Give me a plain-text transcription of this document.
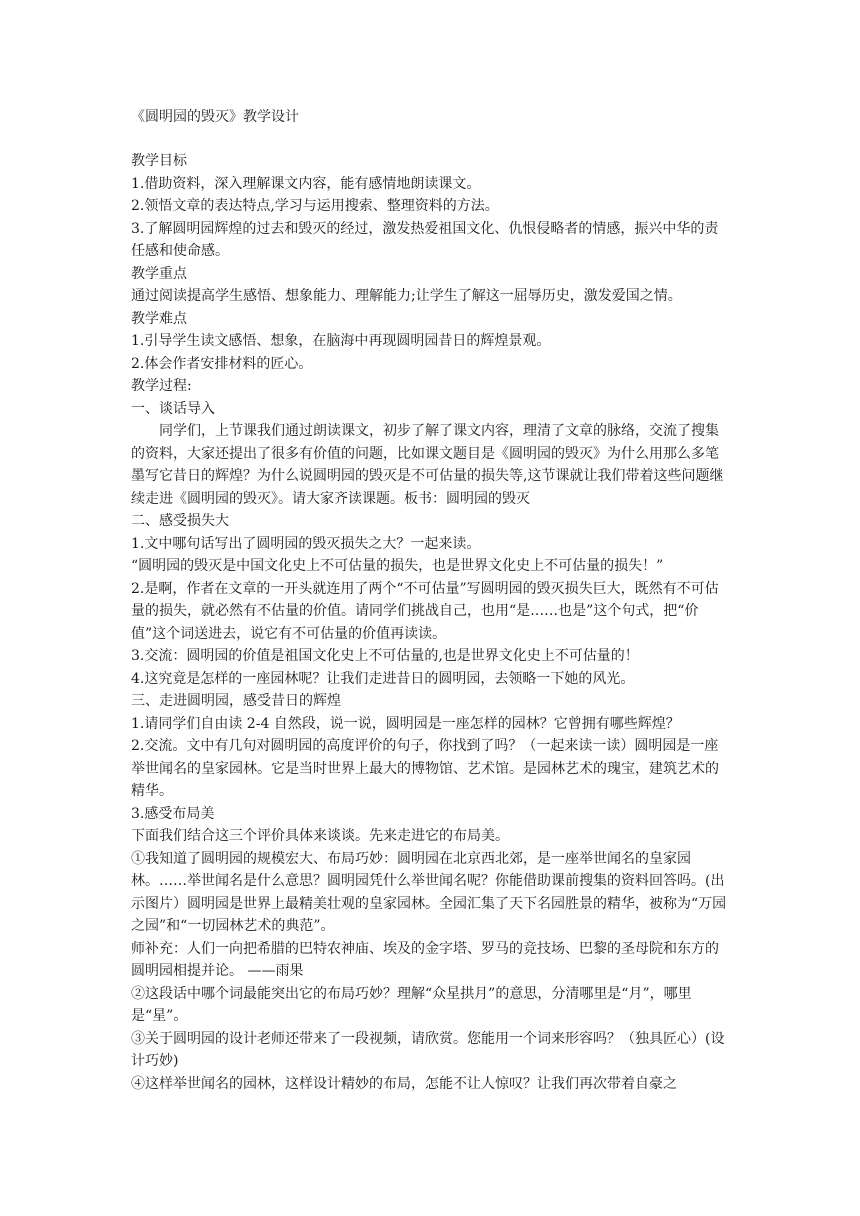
《圆明园的毁灭》教学设计

教学目标

1.借助资料，深入理解课文内容，能有感情地朗读课文。

2.领悟文章的表达特点,学习与运用搜索、整理资料的方法。

3.了解圆明园辉煌的过去和毁灭的经过，激发热爱祖国文化、仇恨侵略者的情感，振兴中华的责任感和使命感。

教学重点

通过阅读提高学生感悟、想象能力、理解能力;让学生了解这一屈辱历史，激发爱国之情。

教学难点

1.引导学生读文感悟、想象，在脑海中再现圆明园昔日的辉煌景观。

2.体会作者安排材料的匠心。

教学过程:

一、谈话导入

同学们，上节课我们通过朗读课文，初步了解了课文内容，理清了文章的脉络，交流了搜集的资料，大家还提出了很多有价值的问题，比如课文题目是《圆明园的毁灭》为什么用那么多笔墨写它昔日的辉煌？为什么说圆明园的毁灭是不可估量的损失等,这节课就让我们带着这些问题继续走进《圆明园的毁灭》。请大家齐读课题。板书：圆明园的毁灭

二、感受损失大

1.文中哪句话写出了圆明园的毁灭损失之大？一起来读。

“圆明园的毁灭是中国文化史上不可估量的损失，也是世界文化史上不可估量的损失！”

2.是啊，作者在文章的一开头就连用了两个“不可估量”写圆明园的毁灭损失巨大，既然有不可估量的损失，就必然有不估量的价值。请同学们挑战自己，也用“是……也是”这个句式，把“价值”这个词送进去，说它有不可估量的价值再读读。

3.交流：圆明园的价值是祖国文化史上不可估量的,也是世界文化史上不可估量的！

4.这究竟是怎样的一座园林呢？让我们走进昔日的圆明园，去领略一下她的风光。

三、走进圆明园，感受昔日的辉煌

1.请同学们自由读 2-4 自然段，说一说，圆明园是一座怎样的园林？它曾拥有哪些辉煌？

2.交流。文中有几句对圆明园的高度评价的句子，你找到了吗？（一起来读一读）圆明园是一座举世闻名的皇家园林。它是当时世界上最大的博物馆、艺术馆。是园林艺术的瑰宝，建筑艺术的精华。

3.感受布局美

下面我们结合这三个评价具体来谈谈。先来走进它的布局美。

①我知道了圆明园的规模宏大、布局巧妙：圆明园在北京西北郊，是一座举世闻名的皇家园林。……举世闻名是什么意思？圆明园凭什么举世闻名呢？你能借助课前搜集的资料回答吗。(出示图片）圆明园是世界上最精美壮观的皇家园林。全园汇集了天下名园胜景的精华，被称为“万园之园”和“一切园林艺术的典范”。

师补充：人们一向把希腊的巴特农神庙、埃及的金字塔、罗马的竞技场、巴黎的圣母院和东方的圆明园相提并论。 ——雨果

②这段话中哪个词最能突出它的布局巧妙？理解“众星拱月”的意思，分清哪里是“月”，哪里是“星”。

③关于圆明园的设计老师还带来了一段视频，请欣赏。您能用一个词来形容吗？（独具匠心）(设计巧妙)

④这样举世闻名的园林，这样设计精妙的布局，怎能不让人惊叹？让我们再次带着自豪之
